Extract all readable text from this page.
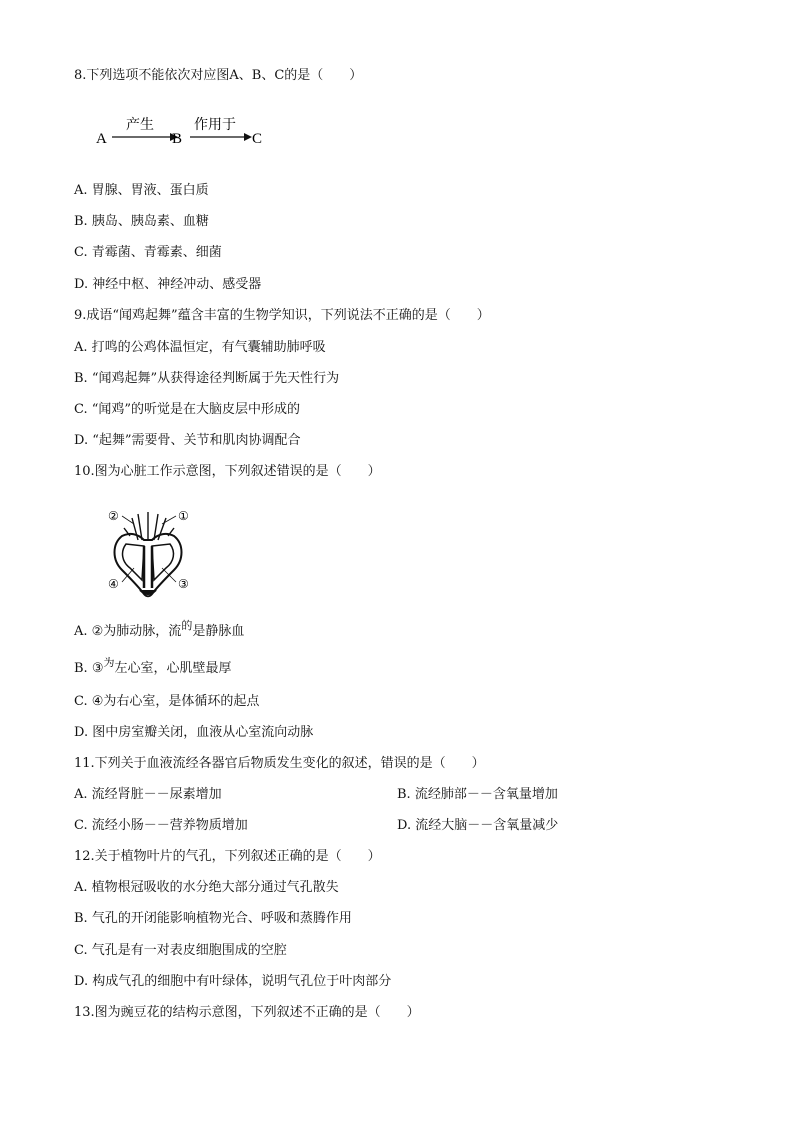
8.下列选项不能依次对应图A、B、C的是（　　）
A
产生
B
作用于
C
A. 胃腺、胃液、蛋白质
B. 胰岛、胰岛素、血糖
C. 青霉菌、青霉素、细菌
D. 神经中枢、神经冲动、感受器
9.成语“闻鸡起舞”蕴含丰富的生物学知识，下列说法不正确的是（　　）
A. 打鸣的公鸡体温恒定，有气囊辅助肺呼吸
B. “闻鸡起舞”从获得途径判断属于先天性行为
C. “闻鸡”的听觉是在大脑皮层中形成的
D. “起舞”需要骨、关节和肌肉协调配合
10.图为心脏工作示意图，下列叙述错误的是（　　）
②	①
④	③
A. ②为肺动脉，流$^的$是静脉血
B. ③$^为$左心室，心肌壁最厚
C. ④为右心室，是体循环的起点
D. 图中房室瓣关闭，血液从心室流向动脉
11.下列关于血液流经各器官后物质发生变化的叙述，错误的是（　　）
A. 流经肾脏－－尿素增加	B. 流经肺部－－含氧量增加
C. 流经小肠－－营养物质增加	D. 流经大脑－－含氧量减少
12.关于植物叶片的气孔，下列叙述正确的是（　　）
A. 植物根冠吸收的水分绝大部分通过气孔散失
B. 气孔的开闭能影响植物光合、呼吸和蒸腾作用
C. 气孔是有一对表皮细胞围成的空腔
D. 构成气孔的细胞中有叶绿体，说明气孔位于叶肉部分
13.图为豌豆花的结构示意图，下列叙述不正确的是（　　）
